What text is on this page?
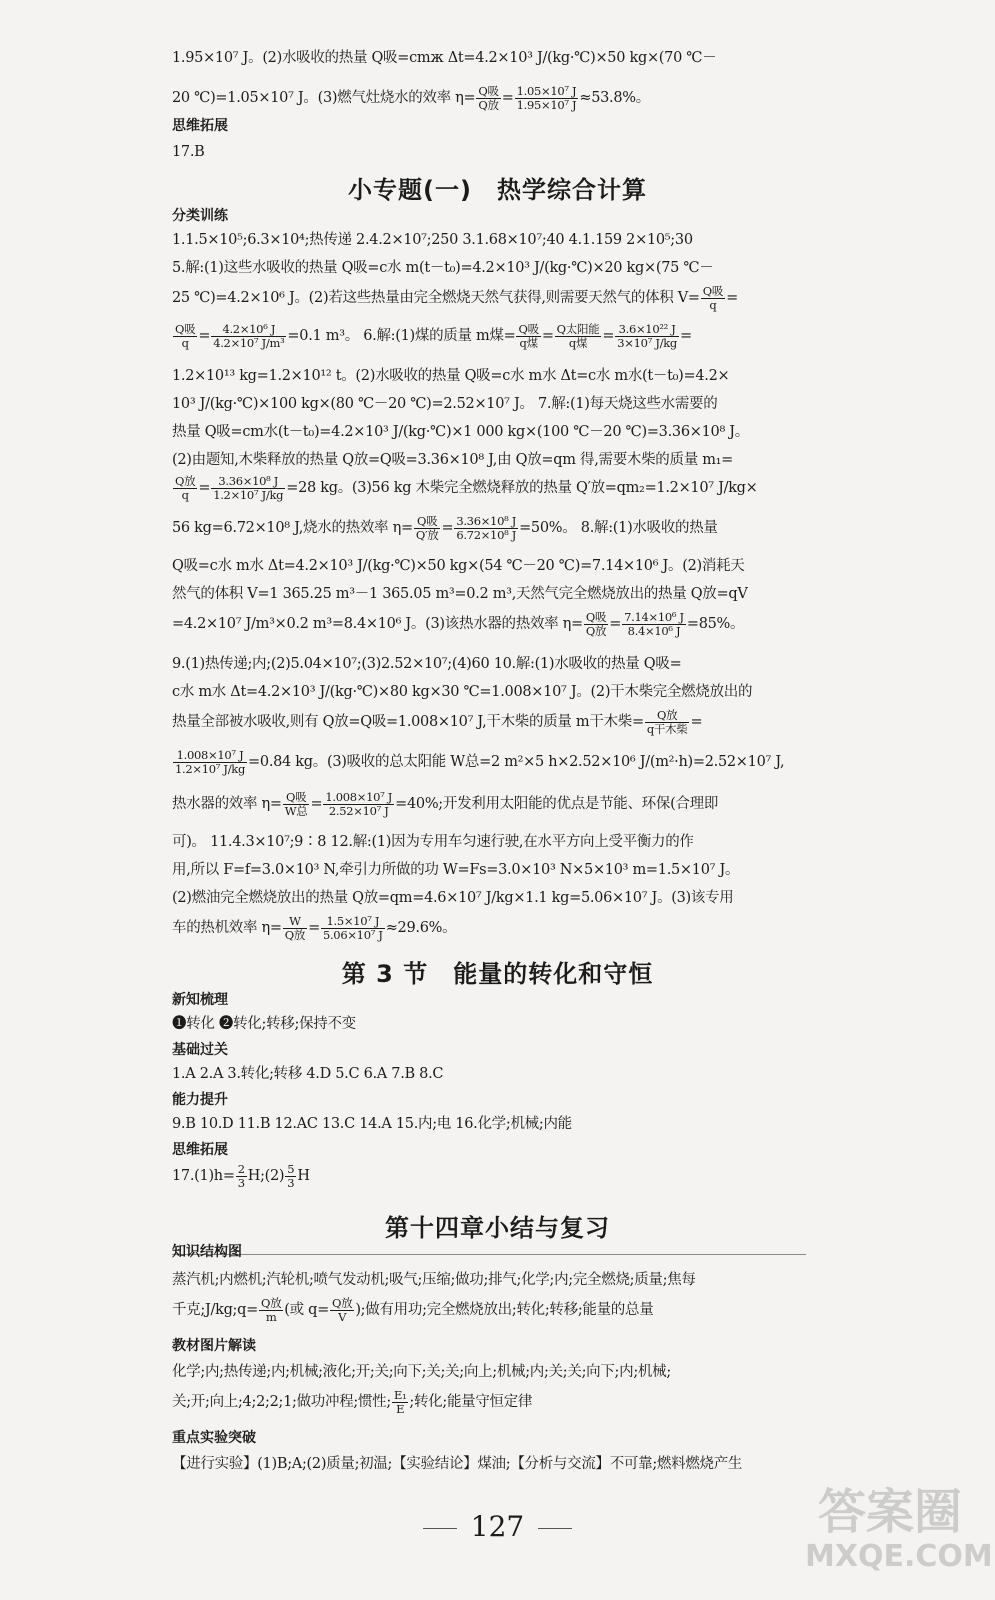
1.95×10⁷ J。(2)水吸收的热量 Q吸=cmж Δt=4.2×10³ J/(kg·℃)×50 kg×(70 ℃－
20 ℃)=1.05×10⁷ J。(3)燃气灶烧水的效率 $\eta= \frac{\text{Q吸}}{\text{Q放}} = \frac{\text{1.05×10⁷ J}}{\text{1.95×10⁷ J}} \approx 53.8\%$。
思维拓展
17.B
小专题(一)　热学综合计算
分类训练
1.1.5×10⁵;6.3×10⁴;热传递 2.4.2×10⁷;250 3.1.68×10⁷;40 4.1.159 2×10⁵;30
5.解:(1)这些水吸收的热量 Q吸=c水 m(t－t₀)=4.2×10³ J/(kg·℃)×20 kg×(75 ℃－
25 ℃)=4.2×10⁶ J。(2)若这些热量由完全燃烧天然气获得,则需要天然气的体积 $V= \frac{\text{Q吸}}{q}$ =
$\frac{\text{Q吸}}{q} = \frac{\text{4.2×10⁶ J}}{\text{4.2×10⁷ J/m³}} =0.1$ m³。 6.解:(1)煤的质量 m煤= $\frac{\text{Q吸}}{\text{q煤}} = \frac{\text{Q太阳能}}{\text{q煤}} = \frac{\text{3.6×10²² J}}{\text{3×10⁷ J/kg}}$ =
1.2×10¹³ kg=1.2×10¹² t。(2)水吸收的热量 Q吸=c水 m水 Δt=c水 m水(t－t₀)=4.2×
10³ J/(kg·℃)×100 kg×(80 ℃－20 ℃)=2.52×10⁷ J。 7.解:(1)每天烧这些水需要的
热量 Q吸=cm水(t－t₀)=4.2×10³ J/(kg·℃)×1 000 kg×(100 ℃－20 ℃)=3.36×10⁸ J。
(2)由题知,木柴释放的热量 Q放=Q吸=3.36×10⁸ J,由 Q放=qm 得,需要木柴的质量 m₁=
$\frac{\text{Q放}}{q} = \frac{\text{3.36×10⁸ J}}{\text{1.2×10⁷ J/kg}} =28$ kg。(3)56 kg 木柴完全燃烧释放的热量 Q′放=qm₂=1.2×10⁷ J/kg×
56 kg=6.72×10⁸ J,烧水的热效率 $\eta= \frac{\text{Q吸}}{\text{Q′放}} = \frac{\text{3.36×10⁸ J}}{\text{6.72×10⁸ J}} =50\%$。 8.解:(1)水吸收的热量
Q吸=c水 m水 Δt=4.2×10³ J/(kg·℃)×50 kg×(54 ℃－20 ℃)=7.14×10⁶ J。(2)消耗天
然气的体积 V=1 365.25 m³－1 365.05 m³=0.2 m³,天然气完全燃烧放出的热量 Q放=qV
=4.2×10⁷ J/m³×0.2 m³=8.4×10⁶ J。(3)该热水器的热效率 $\eta= \frac{\text{Q吸}}{\text{Q放}} = \frac{\text{7.14×10⁶ J}}{\text{8.4×10⁶ J}} =85\%$。
9.(1)热传递;内;(2)5.04×10⁷;(3)2.52×10⁷;(4)60 10.解:(1)水吸收的热量 Q吸=
c水 m水 Δt=4.2×10³ J/(kg·℃)×80 kg×30 ℃=1.008×10⁷ J。(2)干木柴完全燃烧放出的
热量全部被水吸收,则有 Q放=Q吸=1.008×10⁷ J,干木柴的质量 m干木柴= $\frac{\text{Q放}}{\text{q干木柴}}$ =
$\frac{\text{1.008×10⁷ J}}{\text{1.2×10⁷ J/kg}} =0.84$ kg。(3)吸收的总太阳能 W总=2 m²×5 h×2.52×10⁶ J/(m²·h)=2.52×10⁷ J,
热水器的效率 $\eta= \frac{\text{Q吸}}{\text{W总}} = \frac{\text{1.008×10⁷ J}}{\text{2.52×10⁷ J}} =40\%$;开发利用太阳能的优点是节能、环保(合理即
可)。 11.4.3×10⁷;9∶8 12.解:(1)因为专用车匀速行驶,在水平方向上受平衡力的作
用,所以 F=f=3.0×10³ N,牵引力所做的功 W=Fs=3.0×10³ N×5×10³ m=1.5×10⁷ J。
(2)燃油完全燃烧放出的热量 Q放=qm=4.6×10⁷ J/kg×1.1 kg=5.06×10⁷ J。(3)该专用
车的热机效率 $\eta= \frac{W}{\text{Q放}} = \frac{\text{1.5×10⁷ J}}{\text{5.06×10⁷ J}} \approx 29.6\%$。
第 3 节　能量的转化和守恒
新知梳理
❶转化 ❷转化;转移;保持不变
基础过关
1.A 2.A 3.转化;转移 4.D 5.C 6.A 7.B 8.C
能力提升
9.B 10.D 11.B 12.AC 13.C 14.A 15.内;电 16.化学;机械;内能
思维拓展
$17.(1)h= \frac{2}{3}$ H;(2) $\frac{5}{3}$ H
第十四章小结与复习
知识结构图
蒸汽机;内燃机;汽轮机;喷气发动机;吸气;压缩;做功;排气;化学;内;完全燃烧;质量;焦每
千克;J/kg;q= $\frac{\text{Q放}}{m}$ (或 $q= \frac{\text{Q放}}{V}$ );做有用功;完全燃烧放出;转化;转移;能量的总量
教材图片解读
化学;内;热传递;内;机械;液化;开;关;向下;关;关;向上;机械;内;关;关;向下;内;机械;
关;开;向上;4;2;2;1;做功冲程;惯性; $\frac{\text{E₁}}{E}$ ;转化;能量守恒定律
重点实验突破
【进行实验】(1)B;A;(2)质量;初温;【实验结论】煤油;【分析与交流】不可靠;燃料燃烧产生
127	答案圈
MXQE.COM
